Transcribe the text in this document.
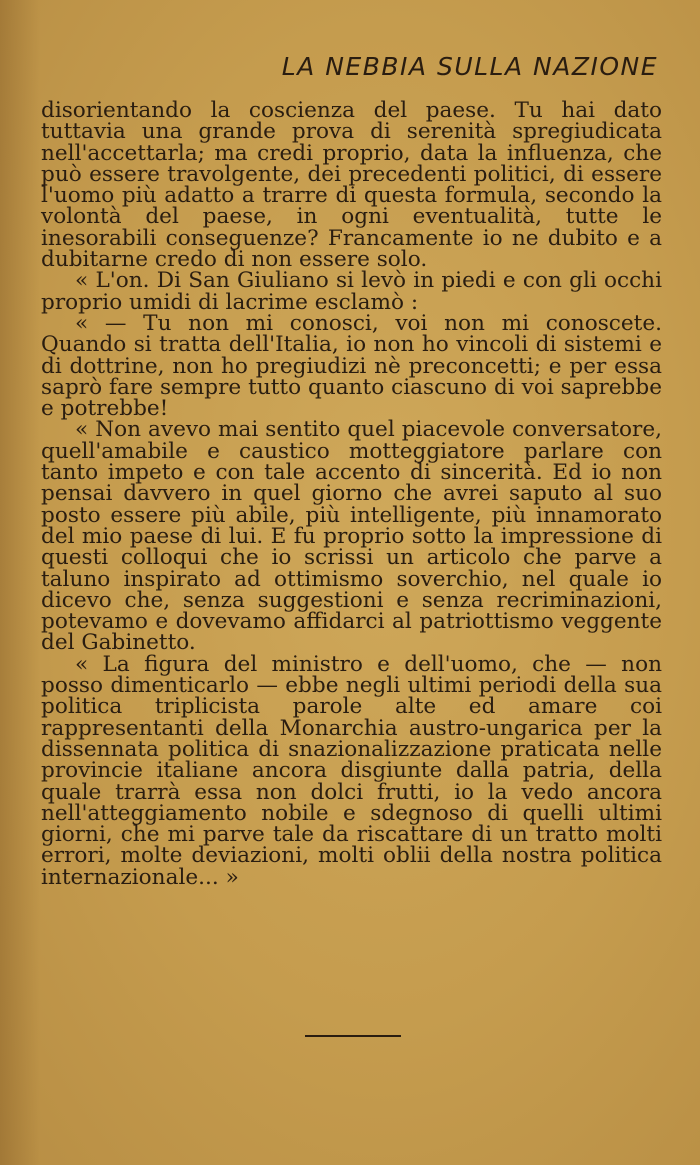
LA NEBBIA SULLA NAZIONE

disorientando la coscienza del paese. Tu hai dato tuttavia una grande prova di serenità spregiudicata nell'accettarla; ma credi proprio, data la influenza, che può essere travolgente, dei precedenti politici, di essere l'uomo più adatto a trarre di questa formula, secondo la volontà del paese, in ogni eventualità, tutte le inesorabili conseguenze? Francamente io ne dubito e a dubitarne credo di non essere solo.

« L'on. Di San Giuliano si levò in piedi e con gli occhi proprio umidi di lacrime esclamò :

« — Tu non mi conosci, voi non mi conoscete. Quando si tratta dell'Italia, io non ho vincoli di sistemi e di dottrine, non ho pregiudizi nè preconcetti; e per essa saprò fare sempre tutto quanto ciascuno di voi saprebbe e potrebbe!

« Non avevo mai sentito quel piacevole conversatore, quell'amabile e caustico motteggiatore parlare con tanto impeto e con tale accento di sincerità. Ed io non pensai davvero in quel giorno che avrei saputo al suo posto essere più abile, più intelligente, più innamorato del mio paese di lui. E fu proprio sotto la impressione di questi colloqui che io scrissi un articolo che parve a taluno inspirato ad ottimismo soverchio, nel quale io dicevo che, senza suggestioni e senza recriminazioni, potevamo e dovevamo affidarci al patriottismo veggente del Gabinetto.

« La figura del ministro e dell'uomo, che — non posso dimenticarlo — ebbe negli ultimi periodi della sua politica triplicista parole alte ed amare coi rappresentanti della Monarchia austro-ungarica per la dissennata politica di snazionalizzazione praticata nelle provincie italiane ancora disgiunte dalla patria, della quale trarrà essa non dolci frutti, io la vedo ancora nell'atteggiamento nobile e sdegnoso di quelli ultimi giorni, che mi parve tale da riscattare di un tratto molti errori, molte deviazioni, molti oblii della nostra politica internazionale... »
